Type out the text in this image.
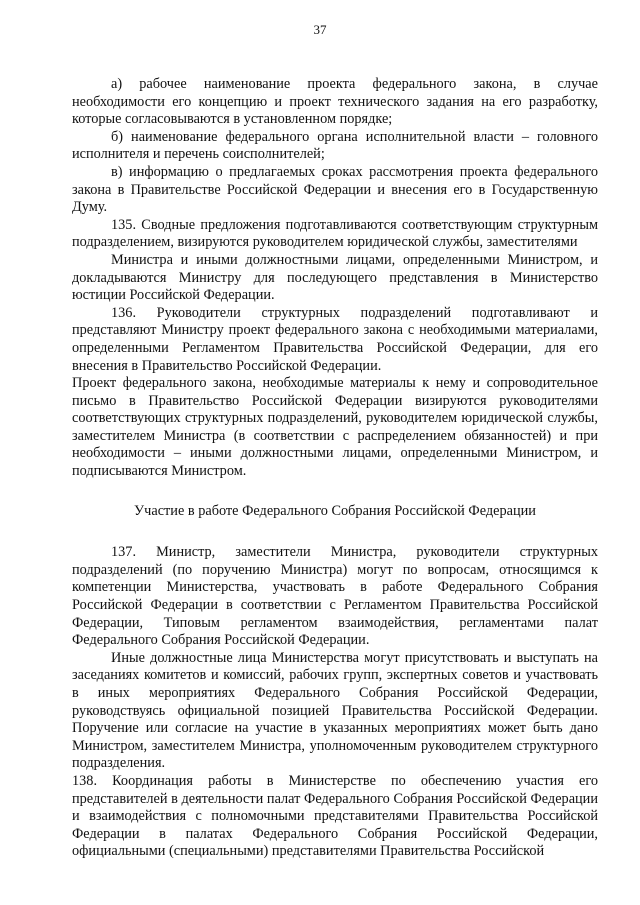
37

а) рабочее наименование проекта федерального закона, в случае необходимости его концепцию и проект технического задания на его разработку, которые согласовываются в установленном порядке;

б) наименование федерального органа исполнительной власти – головного исполнителя и перечень соисполнителей;

в) информацию о предлагаемых сроках рассмотрения проекта федерального закона в Правительстве Российской Федерации и внесения его в Государственную Думу.

135. Сводные предложения подготавливаются соответствующим структурным подразделением, визируются руководителем юридической службы, заместителями

Министра и иными должностными лицами, определенными Министром, и докладываются Министру для последующего представления в Министерство юстиции Российской Федерации.

136. Руководители структурных подразделений подготавливают и представляют Министру проект федерального закона с необходимыми материалами, определенными Регламентом Правительства Российской Федерации, для его внесения в Правительство Российской Федерации.

Проект федерального закона, необходимые материалы к нему и сопроводительное письмо в Правительство Российской Федерации визируются руководителями соответствующих структурных подразделений, руководителем юридической службы, заместителем Министра (в соответствии с распределением обязанностей) и при необходимости – иными должностными лицами, определенными Министром, и подписываются Министром.

Участие в работе Федерального Собрания Российской Федерации

137. Министр, заместители Министра, руководители структурных подразделений (по поручению Министра) могут по вопросам, относящимся к компетенции Министерства, участвовать в работе Федерального Собрания Российской Федерации в соответствии с Регламентом Правительства Российской Федерации, Типовым регламентом взаимодействия, регламентами палат Федерального Собрания Российской Федерации.

Иные должностные лица Министерства могут присутствовать и выступать на заседаниях комитетов и комиссий, рабочих групп, экспертных советов и участвовать в иных мероприятиях Федерального Собрания Российской Федерации, руководствуясь официальной позицией Правительства Российской Федерации. Поручение или согласие на участие в указанных мероприятиях может быть дано Министром, заместителем Министра, уполномоченным руководителем структурного подразделения.

138. Координация работы в Министерстве по обеспечению участия его представителей в деятельности палат Федерального Собрания Российской Федерации и взаимодействия с полномочными представителями Правительства Российской Федерации в палатах Федерального Собрания Российской Федерации, официальными (специальными) представителями Правительства Российской
